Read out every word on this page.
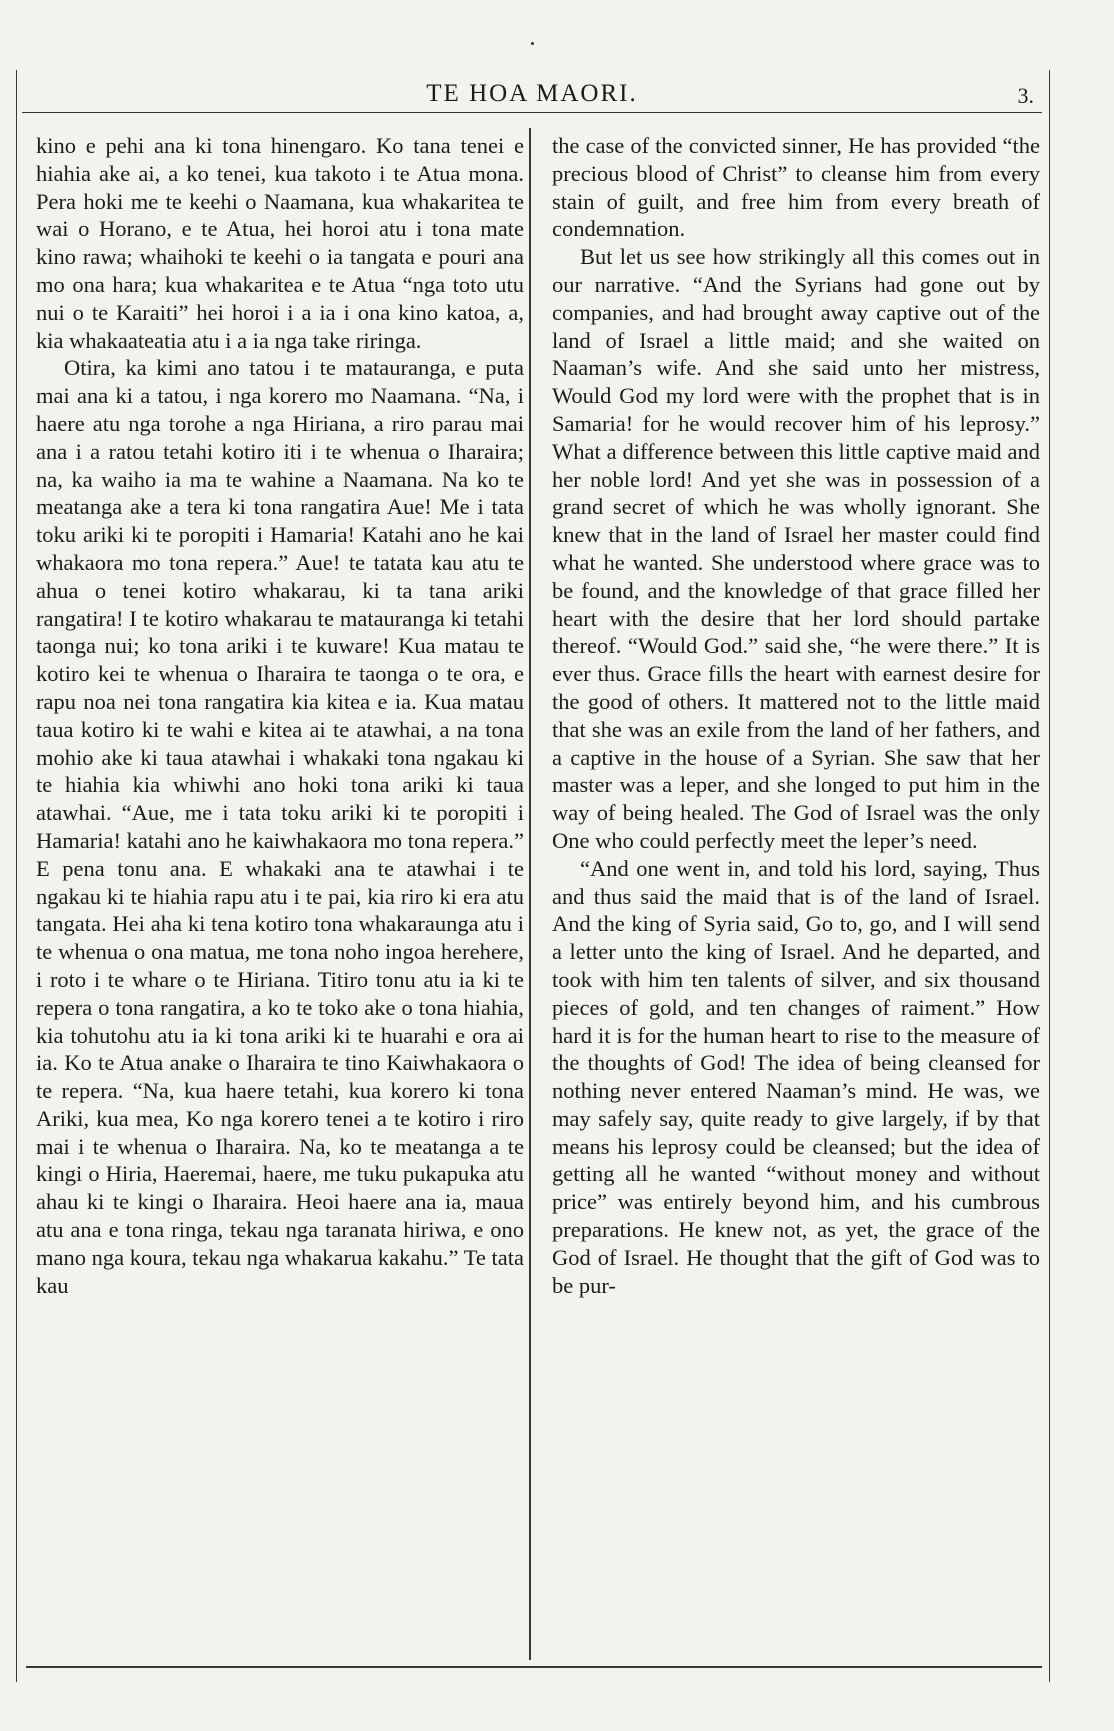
TE HOA MAORI.	3.

kino e pehi ana ki tona hinengaro. Ko tana tenei e hiahia ake ai, a ko tenei, kua takoto i te Atua mona. Pera hoki me te keehi o Naamana, kua whakaritea te wai o Horano, e te Atua, hei horoi atu i tona mate kino rawa; whaihoki te keehi o ia tangata e pouri ana mo ona hara; kua whakaritea e te Atua “nga toto utu nui o te Karaiti” hei horoi i a ia i ona kino katoa, a, kia whakaateatia atu i a ia nga take riringa.

Otira, ka kimi ano tatou i te matauranga, e puta mai ana ki a tatou, i nga korero mo Naamana. “Na, i haere atu nga torohe a nga Hiriana, a riro parau mai ana i a ratou tetahi kotiro iti i te whenua o Iharaira; na, ka waiho ia ma te wahine a Naamana. Na ko te meatanga ake a tera ki tona rangatira Aue! Me i tata toku ariki ki te poropiti i Hamaria! Katahi ano he kai whakaora mo tona repera.” Aue! te tatata kau atu te ahua o tenei kotiro whakarau, ki ta tana ariki rangatira! I te kotiro whakarau te matauranga ki tetahi taonga nui; ko tona ariki i te kuware! Kua matau te kotiro kei te whenua o Iharaira te taonga o te ora, e rapu noa nei tona rangatira kia kitea e ia. Kua matau taua kotiro ki te wahi e kitea ai te atawhai, a na tona mohio ake ki taua atawhai i whakaki tona ngakau ki te hiahia kia whiwhi ano hoki tona ariki ki taua atawhai. “Aue, me i tata toku ariki ki te poropiti i Hamaria! katahi ano he kaiwhakaora mo tona repera.” E pena tonu ana. E whakaki ana te atawhai i te ngakau ki te hiahia rapu atu i te pai, kia riro ki era atu tangata. Hei aha ki tena kotiro tona whakaraunga atu i te whenua o ona matua, me tona noho ingoa herehere, i roto i te whare o te Hiriana. Titiro tonu atu ia ki te repera o tona rangatira, a ko te toko ake o tona hiahia, kia tohutohu atu ia ki tona ariki ki te huarahi e ora ai ia. Ko te Atua anake o Iharaira te tino Kaiwhakaora o te repera. “Na, kua haere tetahi, kua korero ki tona Ariki, kua mea, Ko nga korero tenei a te kotiro i riro mai i te whenua o Iharaira. Na, ko te meatanga a te kingi o Hiria, Haeremai, haere, me tuku pukapuka atu ahau ki te kingi o Iharaira. Heoi haere ana ia, maua atu ana e tona ringa, tekau nga taranata hiriwa, e ono mano nga koura, tekau nga whakarua kakahu.” Te tata kau

the case of the convicted sinner, He has provided “the precious blood of Christ” to cleanse him from every stain of guilt, and free him from every breath of condemnation.

But let us see how strikingly all this comes out in our narrative. “And the Syrians had gone out by companies, and had brought away captive out of the land of Israel a little maid; and she waited on Naaman’s wife. And she said unto her mistress, Would God my lord were with the prophet that is in Samaria! for he would recover him of his leprosy.” What a difference between this little captive maid and her noble lord! And yet she was in possession of a grand secret of which he was wholly ignorant. She knew that in the land of Israel her master could find what he wanted. She understood where grace was to be found, and the knowledge of that grace filled her heart with the desire that her lord should partake thereof. “Would God.” said she, “he were there.” It is ever thus. Grace fills the heart with earnest desire for the good of others. It mattered not to the little maid that she was an exile from the land of her fathers, and a captive in the house of a Syrian. She saw that her master was a leper, and she longed to put him in the way of being healed. The God of Israel was the only One who could perfectly meet the leper’s need.

“And one went in, and told his lord, saying, Thus and thus said the maid that is of the land of Israel. And the king of Syria said, Go to, go, and I will send a letter unto the king of Israel. And he departed, and took with him ten talents of silver, and six thousand pieces of gold, and ten changes of raiment.” How hard it is for the human heart to rise to the measure of the thoughts of God! The idea of being cleansed for nothing never entered Naaman’s mind. He was, we may safely say, quite ready to give largely, if by that means his leprosy could be cleansed; but the idea of getting all he wanted “without money and without price” was entirely beyond him, and his cumbrous preparations. He knew not, as yet, the grace of the God of Israel. He thought that the gift of God was to be pur-
